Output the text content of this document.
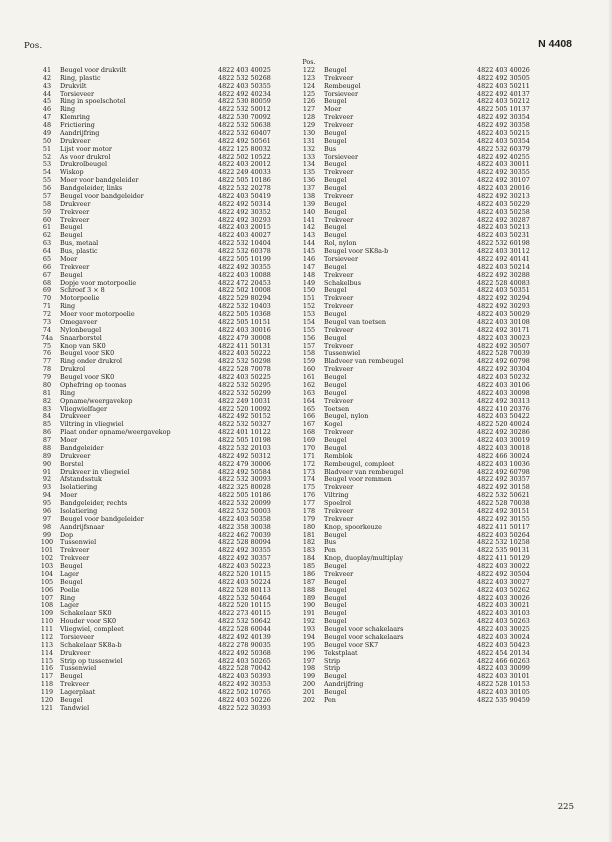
Pos.	N 4408
41	Beugel voor drukvilt	4822 403 40025
42	Ring, plastic	4822 532 50268
43	Drukvilt	4822 403 50355
44	Torsieveer	4822 492 40234
45	Ring in spoelschotel	4822 530 80059
46	Ring	4822 532 50012
47	Klemring	4822 530 70092
48	Frictiering	4822 532 50638
49	Aandrijfring	4822 532 60407
50	Drukveer	4822 492 50561
51	Lijst voor motor	4822 125 80032
52	As voor drukrol	4822 502 10522
53	Drukrolbeugel	4822 403 20012
54	Wiskop	4822 249 40033
55	Moer voor bandgeleider	4822 505 10186
56	Bandgeleider, links	4822 532 20278
57	Beugel voor bandgeleider	4822 403 50419
58	Drukveer	4822 492 50314
59	Trekveer	4822 492 30352
60	Trekveer	4822 492 30293
61	Beugel	4822 403 20015
62	Beugel	4822 403 40027
63	Bus, metaal	4822 532 10404
64	Bus, plastic	4822 532 60378
65	Moer	4822 505 10199
66	Trekveer	4822 492 30355
67	Beugel	4822 403 10088
68	Dopje voor motorpoelie	4822 472 20453
69	Schroef 3 × 8	4822 502 10008
70	Motorpoelie	4822 529 80294
71	Ring	4822 532 10403
72	Moer voor motorpoelie	4822 505 10368
73	Omegaveer	4822 505 10151
74	Nylonbeugel	4822 403 30016
74a	Snaarborstel	4822 479 30008
75	Knop van SK0	4822 411 50131
76	Beugel voor SK0	4822 403 50222
77	Ring onder drukrol	4822 532 50298
78	Drukrol	4822 528 70078
79	Beugel voor SK0	4822 403 50225
80	Ophefring op toonas	4822 532 50295
81	Ring	4822 532 50299
82	Opname/weergavekop	4822 249 10031
83	Vliegwielfager	4822 520 10092
84	Drukveer	4822 492 50152
85	Viltring in vliegwiel	4822 532 50327
86	Plaat onder opname/weergavekop	4822 401 10122
87	Moer	4822 505 10198
88	Bandgeleider	4822 532 20103
89	Drukveer	4822 492 50312
90	Borstel	4822 479 30006
91	Drukveer in vliegwiel	4822 492 50584
92	Afstandsstuk	4822 532 30093
93	Isolatiering	4822 325 80028
94	Moer	4822 505 10186
95	Bandgeleider, rechts	4822 532 20099
96	Isolatiering	4822 532 50003
97	Beugel voor bandgeleider	4822 403 50358
98	Aandrijfsnaar	4822 358 30038
99	Dop	4822 462 70039
100	Tussenwiel	4822 528 80094
101	Trekveer	4822 492 30355
102	Trekveer	4822 492 30357
103	Beugel	4822 403 50223
104	Lager	4822 520 10115
105	Beugel	4822 403 50224
106	Poelie	4822 528 80113
107	Ring	4822 532 50464
108	Lager	4822 520 10115
109	Schakelaar SK0	4822 273 40115
110	Houder voor SK0	4822 532 50642
111	Vliegwiel, compleet	4822 528 60044
112	Torsieveer	4822 492 40139
113	Schakelaar SK8a-b	4822 278 90035
114	Drukveer	4822 492 50368
115	Strip op tussenwiel	4822 403 50265
116	Tussenwiel	4822 528 70042
117	Beugel	4822 403 50393
118	Trekveer	4822 492 30353
119	Lagerplaat	4822 502 10765
120	Beugel	4822 403 50226
121	Tandwiel	4822 522 30393
Pos.
122	Beugel	4822 403 40026
123	Trekveer	4822 492 30505
124	Rembeugel	4822 403 50211
125	Torsieveer	4822 492 40137
126	Beugel	4822 403 50212
127	Moer	4822 505 10137
128	Trekveer	4822 492 30354
129	Trekveer	4822 492 30358
130	Beugel	4822 403 50215
131	Beugel	4822 403 50354
132	Bus	4822 532 60379
133	Torsieveer	4822 492 40255
134	Beugel	4822 403 30011
135	Trekveer	4822 492 30355
136	Beugel	4822 492 30107
137	Beugel	4822 403 20016
138	Trekveer	4822 492 30213
139	Beugel	4822 403 50229
140	Beugel	4822 403 50258
141	Trekveer	4822 492 30287
142	Beugel	4822 403 50213
143	Beugel	4822 403 50231
144	Rol, nylon	4822 532 60198
145	Beugel voor SK8a-b	4822 403 30112
146	Torsieveer	4822 492 40141
147	Beugel	4822 403 50214
148	Trekveer	4822 492 30288
149	Schakelbus	4822 528 40083
150	Beugel	4822 403 50351
151	Trekveer	4822 492 30294
152	Trekveer	4822 492 30293
153	Beugel	4822 403 50029
154	Beugel van toetsen	4822 403 30108
155	Trekveer	4822 492 30171
156	Beugel	4822 403 30023
157	Trekveer	4822 492 30507
158	Tussenwiel	4822 528 70039
159	Bladveer van rembeugel	4822 492 60798
160	Trekveer	4822 492 30304
161	Beugel	4822 403 50232
162	Beugel	4822 403 30106
163	Beugel	4822 403 30098
164	Trekveer	4822 492 30313
165	Toetsen	4822 410 20376
166	Beugel, nylon	4822 403 50422
167	Kogel	4822 520 40024
168	Trekveer	4822 492 30286
169	Beugel	4822 403 30019
170	Beugel	4822 403 30018
171	Remblok	4822 466 30024
172	Rembeugel, compleet	4822 403 10036
173	Bladveer van rembeugel	4822 492 60798
174	Beugel voor remmen	4822 492 30357
175	Trekveer	4822 492 30158
176	Viltring	4822 532 50621
177	Spoelrol	4822 528 70038
178	Trekveer	4822 492 30151
179	Trekveer	4822 492 30155
180	Knop, spoorkeuze	4822 411 50117
181	Beugel	4822 403 50264
182	Bus	4822 532 10258
183	Pen	4822 535 90131
184	Knop, duoplay/multiplay	4822 411 50129
185	Beugel	4822 403 30022
186	Trekveer	4822 492 30504
187	Beugel	4822 403 30027
188	Beugel	4822 403 50262
189	Beugel	4822 403 30026
190	Beugel	4822 403 30021
191	Beugel	4822 403 30103
192	Beugel	4822 403 50263
193	Beugel voor schakelaars	4822 403 30025
194	Beugel voor schakelaars	4822 403 30024
195	Beugel voor SK7	4822 403 50423
196	Tekstplaat	4822 454 20134
197	Strip	4822 466 60263
198	Strip	4822 403 30099
199	Beugel	4822 403 30101
200	Aandrijfring	4822 528 10153
201	Beugel	4822 403 30105
202	Pen	4822 535 90459
225
